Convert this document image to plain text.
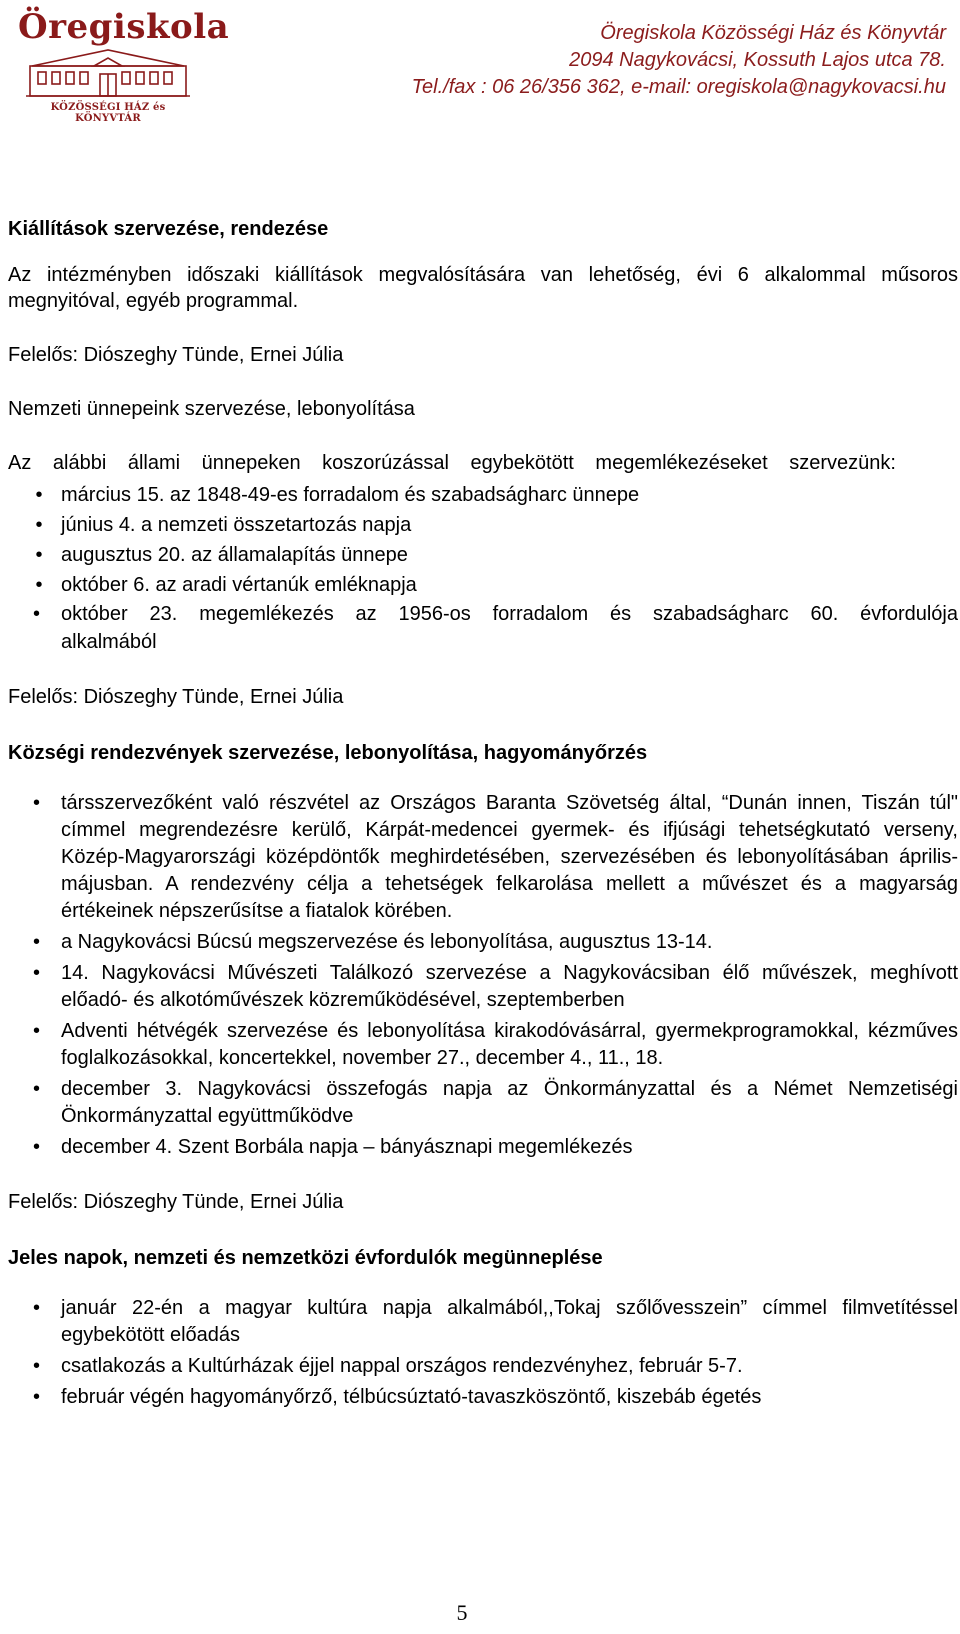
Öregiskola
KÖZÖSSÉGI HÁZ és KÖNYVTÁR
Öregiskola Közösségi Ház és Könyvtár
2094 Nagykovácsi, Kossuth Lajos utca 78.
Tel./fax : 06 26/356 362, e-mail: oregiskola@nagykovacsi.hu
Kiállítások szervezése, rendezése

Az intézményben időszaki kiállítások megvalósítására van lehetőség, évi 6 alkalommal műsoros megnyitóval, egyéb programmal.

Felelős: Diószeghy Tünde, Ernei Júlia

Nemzeti ünnepeink szervezése, lebonyolítása

Az alábbi állami ünnepeken koszorúzással egybekötött megemlékezéseket szervezünk:

• március 15. az 1848-49-es forradalom és szabadságharc ünnepe
• június 4. a nemzeti összetartozás napja
• augusztus 20. az államalapítás ünnepe
• október 6. az aradi vértanúk emléknapja
• október 23. megemlékezés az 1956-os forradalom és szabadságharc 60. évfordulója alkalmából

Felelős: Diószeghy Tünde, Ernei Júlia

Községi rendezvények szervezése, lebonyolítása, hagyományőrzés
• társszervezőként való részvétel az Országos Baranta Szövetség által, “Dunán innen, Tiszán túl" címmel megrendezésre kerülő, Kárpát-medencei gyermek- és ifjúsági tehetségkutató verseny, Közép-Magyarországi középdöntők meghirdetésében, szervezésében és lebonyolításában április-májusban. A rendezvény célja a tehetségek felkarolása mellett a művészet és a magyarság értékeinek népszerűsítse a fiatalok körében.
• a Nagykovácsi Búcsú megszervezése és lebonyolítása, augusztus 13-14.
• 14. Nagykovácsi Művészeti Találkozó szervezése a Nagykovácsiban élő művészek, meghívott előadó- és alkotóművészek közreműködésével, szeptemberben
• Adventi hétvégék szervezése és lebonyolítása kirakodóvásárral, gyermekprogramokkal, kézműves foglalkozásokkal, koncertekkel, november 27., december 4., 11., 18.
• december 3. Nagykovácsi összefogás napja az Önkormányzattal és a Német Nemzetiségi Önkormányzattal együttműködve
• december 4. Szent Borbála napja – bányásznapi megemlékezés

Felelős: Diószeghy Tünde, Ernei Júlia

Jeles napok, nemzeti és nemzetközi évfordulók megünneplése
• január 22-én a magyar kultúra napja alkalmából,,Tokaj szőlővesszein” címmel filmvetítéssel egybekötött előadás
• csatlakozás a Kultúrházak éjjel nappal országos rendezvényhez, február 5-7.
• február végén hagyományőrző, télbúcsúztató-tavaszköszöntő, kiszebáb égetés
5
